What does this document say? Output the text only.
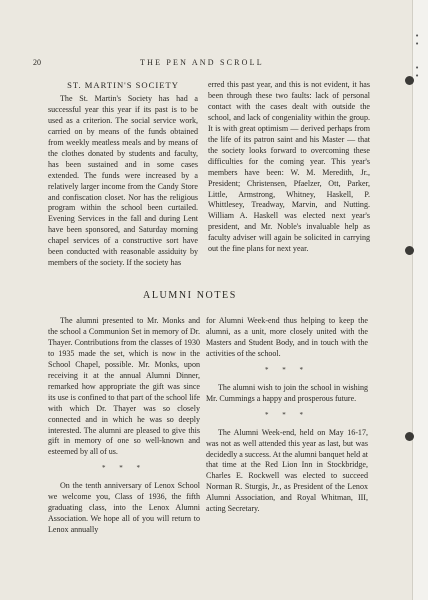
• •
• •
20	THE PEN AND SCROLL
ST. MARTIN'S SOCIETY

The St. Martin's Society has had a successful year this year if its past is to be used as a criterion. The social service work, carried on by means of the funds obtained from weekly meatless meals and by means of the clothes donated by students and faculty, has been sustained and in some cases extended. The funds were increased by a relatively larger income from the Candy Store and confiscation closet. Nor has the religious program within the school been curtailed. Evening Services in the fall and during Lent have been sponsored, and Saturday morning chapel services of a constructive sort have been conducted with reasonable assiduity by members of the society. If the society has

erred this past year, and this is not evident, it has been through these two faults: lack of personal contact with the cases dealt with outside the school, and lack of congeniality within the group. It is with great optimism — derived perhaps from the life of its patron saint and his Master — that the society looks forward to overcoming these difficulties for the coming year. This year's members have been: W. M. Meredith, Jr., President; Christensen, Pfaelzer, Ott, Parker, Little, Armstrong, Whitney, Haskell, P. Whittlesey, Treadway, Marvin, and Nutting. William A. Haskell was elected next year's president, and Mr. Noble's invaluable help as faculty adviser will again be solicited in carrying out the fine plans for next year.

ALUMNI NOTES

The alumni presented to Mr. Monks and the school a Communion Set in memory of Dr. Thayer. Contributions from the classes of 1930 to 1935 made the set, which is now in the School Chapel, possible. Mr. Monks, upon receiving it at the annual Alumni Dinner, remarked how appropriate the gift was since its use is confined to that part of the school life with which Dr. Thayer was so closely connected and in which he was so deeply interested. The alumni are pleased to give this gift in memory of one so well-known and esteemed by all of us.

* * *

On the tenth anniversary of Lenox School we welcome you, Class of 1936, the fifth graduating class, into the Lenox Alumni Association. We hope all of you will return to Lenox annually

for Alumni Week-end thus helping to keep the alumni, as a unit, more closely united with the Masters and Student Body, and in touch with the activities of the school.

* * *

The alumni wish to join the school in wishing Mr. Cummings a happy and prosperous future.

* * *

The Alumni Week-end, held on May 16-17, was not as well attended this year as last, but was decidedly a success. At the alumni banquet held at that time at the Red Lion Inn in Stockbridge, Charles E. Rockwell was elected to succeed Norman R. Sturgis, Jr., as President of the Lenox Alumni Association, and Royal Whitman, III, acting Secretary.
